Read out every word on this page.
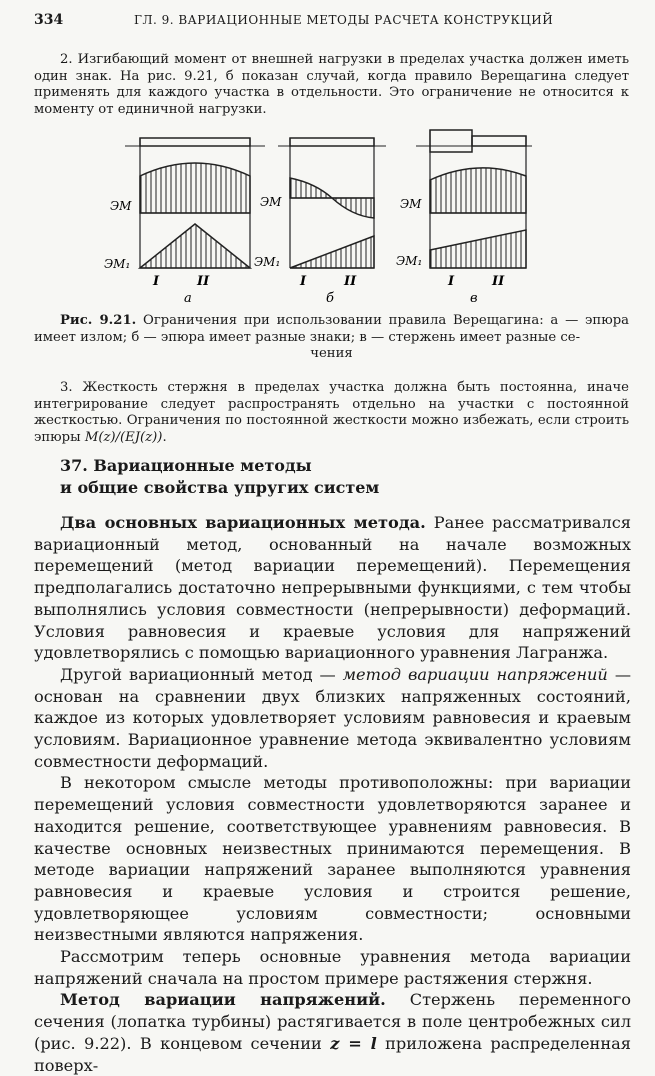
334	ГЛ. 9. ВАРИАЦИОННЫЕ МЕТОДЫ РАСЧЕТА КОНСТРУКЦИЙ

2. Изгибающий момент от внешней нагрузки в пределах участка должен иметь один знак. На рис. 9.21, б показан случай, когда правило Верещагина следует применять для каждого участка в отдельности. Это ограничение не относится к моменту от единичной нагрузки.

ЭМ
ЭМ₁
I	II
а
ЭМ
ЭМ₁
I	II
б
ЭМ
ЭМ₁
I	II
в
Рис. 9.21. Ограничения при использовании правила Верещагина: а — эпюра имеет излом; б — эпюра имеет разные знаки; в — стержень имеет разные се-
чения

3. Жесткость стержня в пределах участка должна быть постоянна, иначе интегрирование следует распространять отдельно на участки с постоянной жесткостью. Ограничения по постоянной жесткости можно избежать, если строить эпюры M(z)/(EJ(z)).

37. Вариационные методы
и общие свойства упругих систем

Два основных вариационных метода. Ранее рассматривался вариационный метод, основанный на начале возможных перемещений (метод вариации перемещений). Перемещения предполагались достаточно непрерывными функциями, с тем чтобы выполнялись условия совместности (непрерывности) деформаций. Условия равновесия и краевые условия для напряжений удовлетворялись с помощью вариационного уравнения Лагранжа.

Другой вариационный метод — метод вариации напряжений — основан на сравнении двух близких напряженных состояний, каждое из которых удовлетворяет условиям равновесия и краевым условиям. Вариационное уравнение метода эквивалентно условиям совместности деформаций.

В некотором смысле методы противоположны: при вариации перемещений условия совместности удовлетворяются заранее и находится решение, соответствующее уравнениям равновесия. В качестве основных неизвестных принимаются перемещения. В методе вариации напряжений заранее выполняются уравнения равновесия и краевые условия и строится решение, удовлетворяющее условиям совместности; основными неизвестными являются напряжения.

Рассмотрим теперь основные уравнения метода вариации напряжений сначала на простом примере растяжения стержня.

Метод вариации напряжений. Стержень переменного сечения (лопатка турбины) растягивается в поле центробежных сил (рис. 9.22). В концевом сечении z = l приложена распределенная поверх-
